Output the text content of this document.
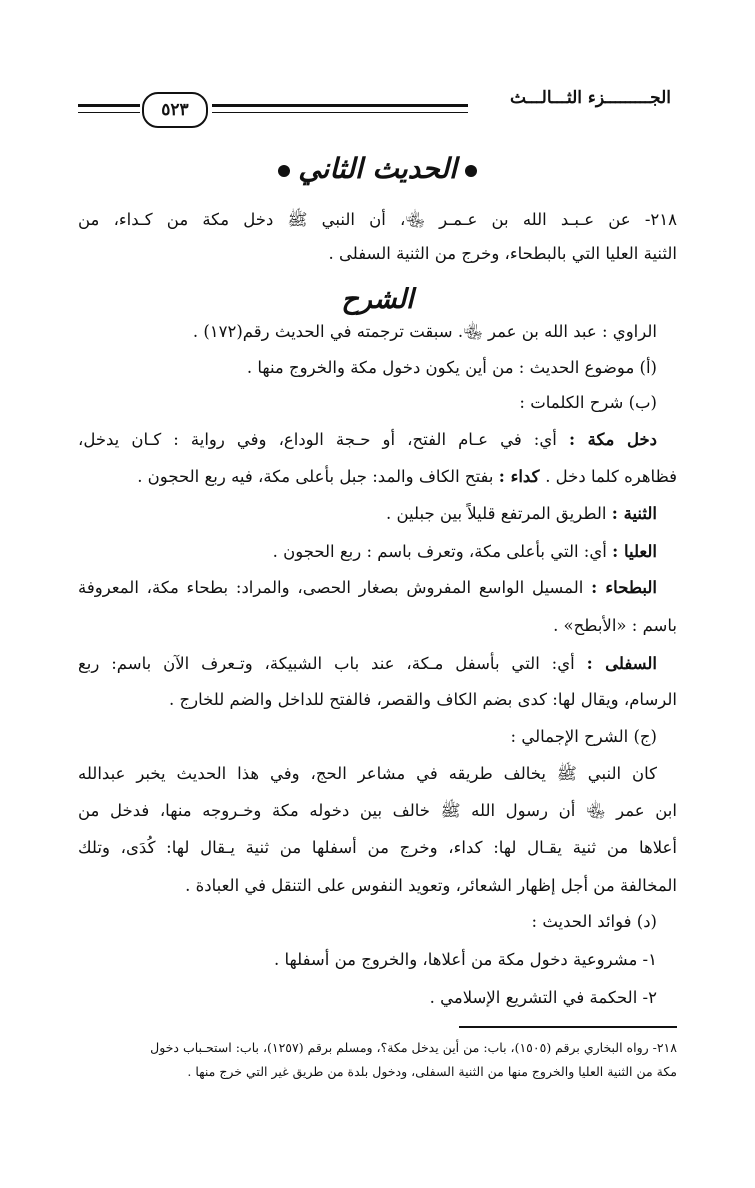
الجـــــــــزء الثـــالـــث
٥٢٣
الحديث الثاني
٢١٨- عن عـبـد الله بن عـمـر ﵄، أن النبي ﷺ دخل مكة من كـداء، من
الثنية العليا التي بالبطحاء، وخرج من الثنية السفلى .
الشرح
الراوي : عبد الله بن عمر ﵄. سبقت ترجمته في الحديث رقم(١٧٢) .
(أ) موضوع الحديث : من أين يكون دخول مكة والخروج منها .
(ب) شرح الكلمات :
دخل مكة : أي: في عـام الفتح، أو حـجة الوداع، وفي رواية : كـان يدخل،
فظاهره كلما دخل . كداء : بفتح الكاف والمد: جبل بأعلى مكة، فيه ربع الحجون .
الثنية : الطريق المرتفع قليلاً بين جبلين .
العليا : أي: التي بأعلى مكة، وتعرف باسم : ربع الحجون .
البطحاء : المسيل الواسع المفروش بصغار الحصى، والمراد: بطحاء مكة، المعروفة
باسم : «الأبطح» .
السفلى : أي: التي بأسفل مـكة، عند باب الشبيكة، وتـعرف الآن باسم: ربع
الرسام، ويقال لها: كدى بضم الكاف والقصر، فالفتح للداخل والضم للخارج .
(ج) الشرح الإجمالي :
كان النبي ﷺ يخالف طريقه في مشاعر الحج، وفي هذا الحديث يخبر عبدالله
ابن عمر ﵄ أن رسول الله ﷺ خالف بين دخوله مكة وخـروجه منها، فدخل من
أعلاها من ثنية يقـال لها: كداء، وخرج من أسفلها من ثنية يـقال لها: كُدَى، وتلك
المخالفة من أجل إظهار الشعائر، وتعويد النفوس على التنقل في العبادة .
(د) فوائد الحديث :
١- مشروعية دخول مكة من أعلاها، والخروج من أسفلها .
٢- الحكمة في التشريع الإسلامي .
٢١٨- رواه البخاري برقم (١٥٠٥)، باب: من أين يدخل مكة؟، ومسلم برقم (١٢٥٧)، باب: استحـباب دخول
مكة من الثنية العليا والخروج منها من الثنية السفلى، ودخول بلدة من طريق غير التي خرج منها .
